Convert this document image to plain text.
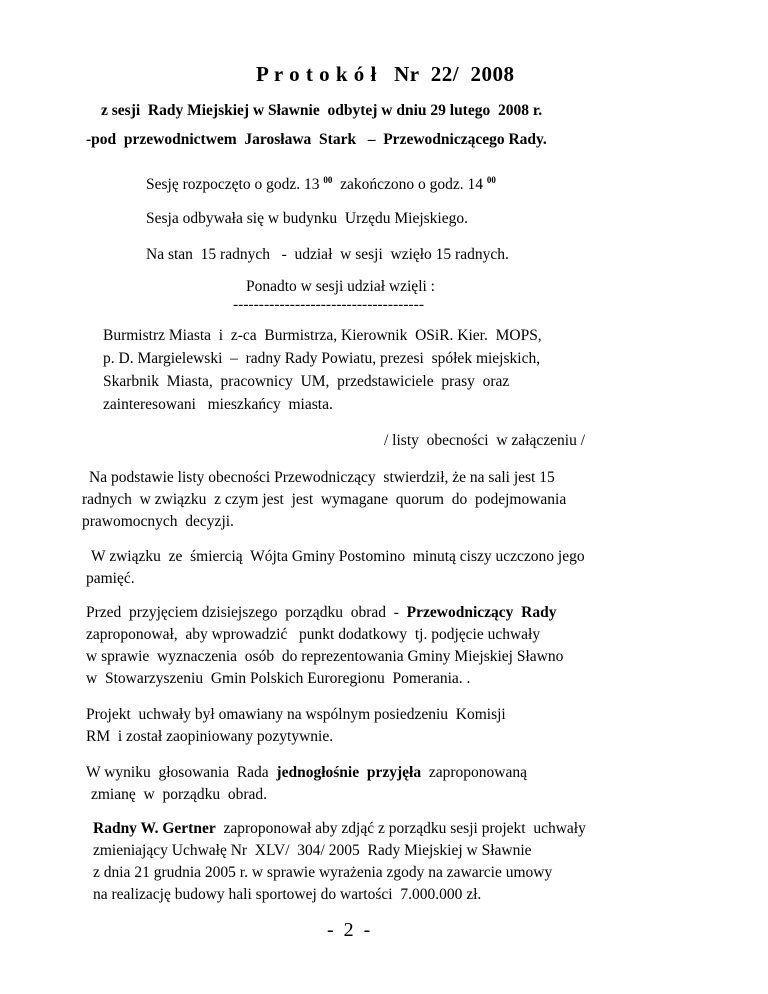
P r o t o k ó ł   Nr  22/  2008
z sesji  Rady Miejskiej w Sławnie  odbytej w dniu 29 lutego  2008 r.
-pod  przewodnictwem  Jarosława  Stark   –  Przewodniczącego Rady.
Sesję rozpoczęto o godz. 13 $^{00}$  zakończono o godz. 14 $^{00}$
Sesja odbywała się w budynku  Urzędu Miejskiego.
Na stan  15 radnych   -  udział  w sesji  wzięło 15 radnych.
Ponadto w sesji udział wzięli :
-------------------------------------
Burmistrz Miasta  i  z-ca  Burmistrza, Kierownik  OSiR. Kier.  MOPS,
p. D. Margielewski  –  radny Rady Powiatu, prezesi  spółek miejskich,
Skarbnik  Miasta,  pracownicy  UM,  przedstawiciele  prasy  oraz
zainteresowani   mieszkańcy  miasta.
/ listy  obecności  w załączeniu /
Na podstawie listy obecności Przewodniczący  stwierdził, że na sali jest 15
radnych  w związku  z czym jest  jest  wymagane  quorum  do  podejmowania
prawomocnych  decyzji.
W związku  ze  śmiercią  Wójta Gminy Postomino  minutą ciszy uczczono jego
pamięć.
Przed  przyjęciem dzisiejszego  porządku  obrad  -  Przewodniczący  Rady
zaproponował,  aby wprowadzić   punkt dodatkowy  tj. podjęcie uchwały
w sprawie  wyznaczenia  osób  do reprezentowania Gminy Miejskiej Sławno
w  Stowarzyszeniu  Gmin Polskich Euroregionu  Pomerania. .
Projekt  uchwały był omawiany na wspólnym posiedzeniu  Komisji
RM  i został zaopiniowany pozytywnie.
W wyniku  głosowania  Rada  jednogłośnie  przyjęła  zaproponowaną
zmianę  w  porządku  obrad.
Radny W. Gertner  zaproponował aby zdjąć z porządku sesji projekt  uchwały
zmieniający Uchwałę Nr  XLV/  304/ 2005  Rady Miejskiej w Sławnie
z dnia 21 grudnia 2005 r. w sprawie wyrażenia zgody na zawarcie umowy
na realizację budowy hali sportowej do wartości  7.000.000 zł.
-  2  -
